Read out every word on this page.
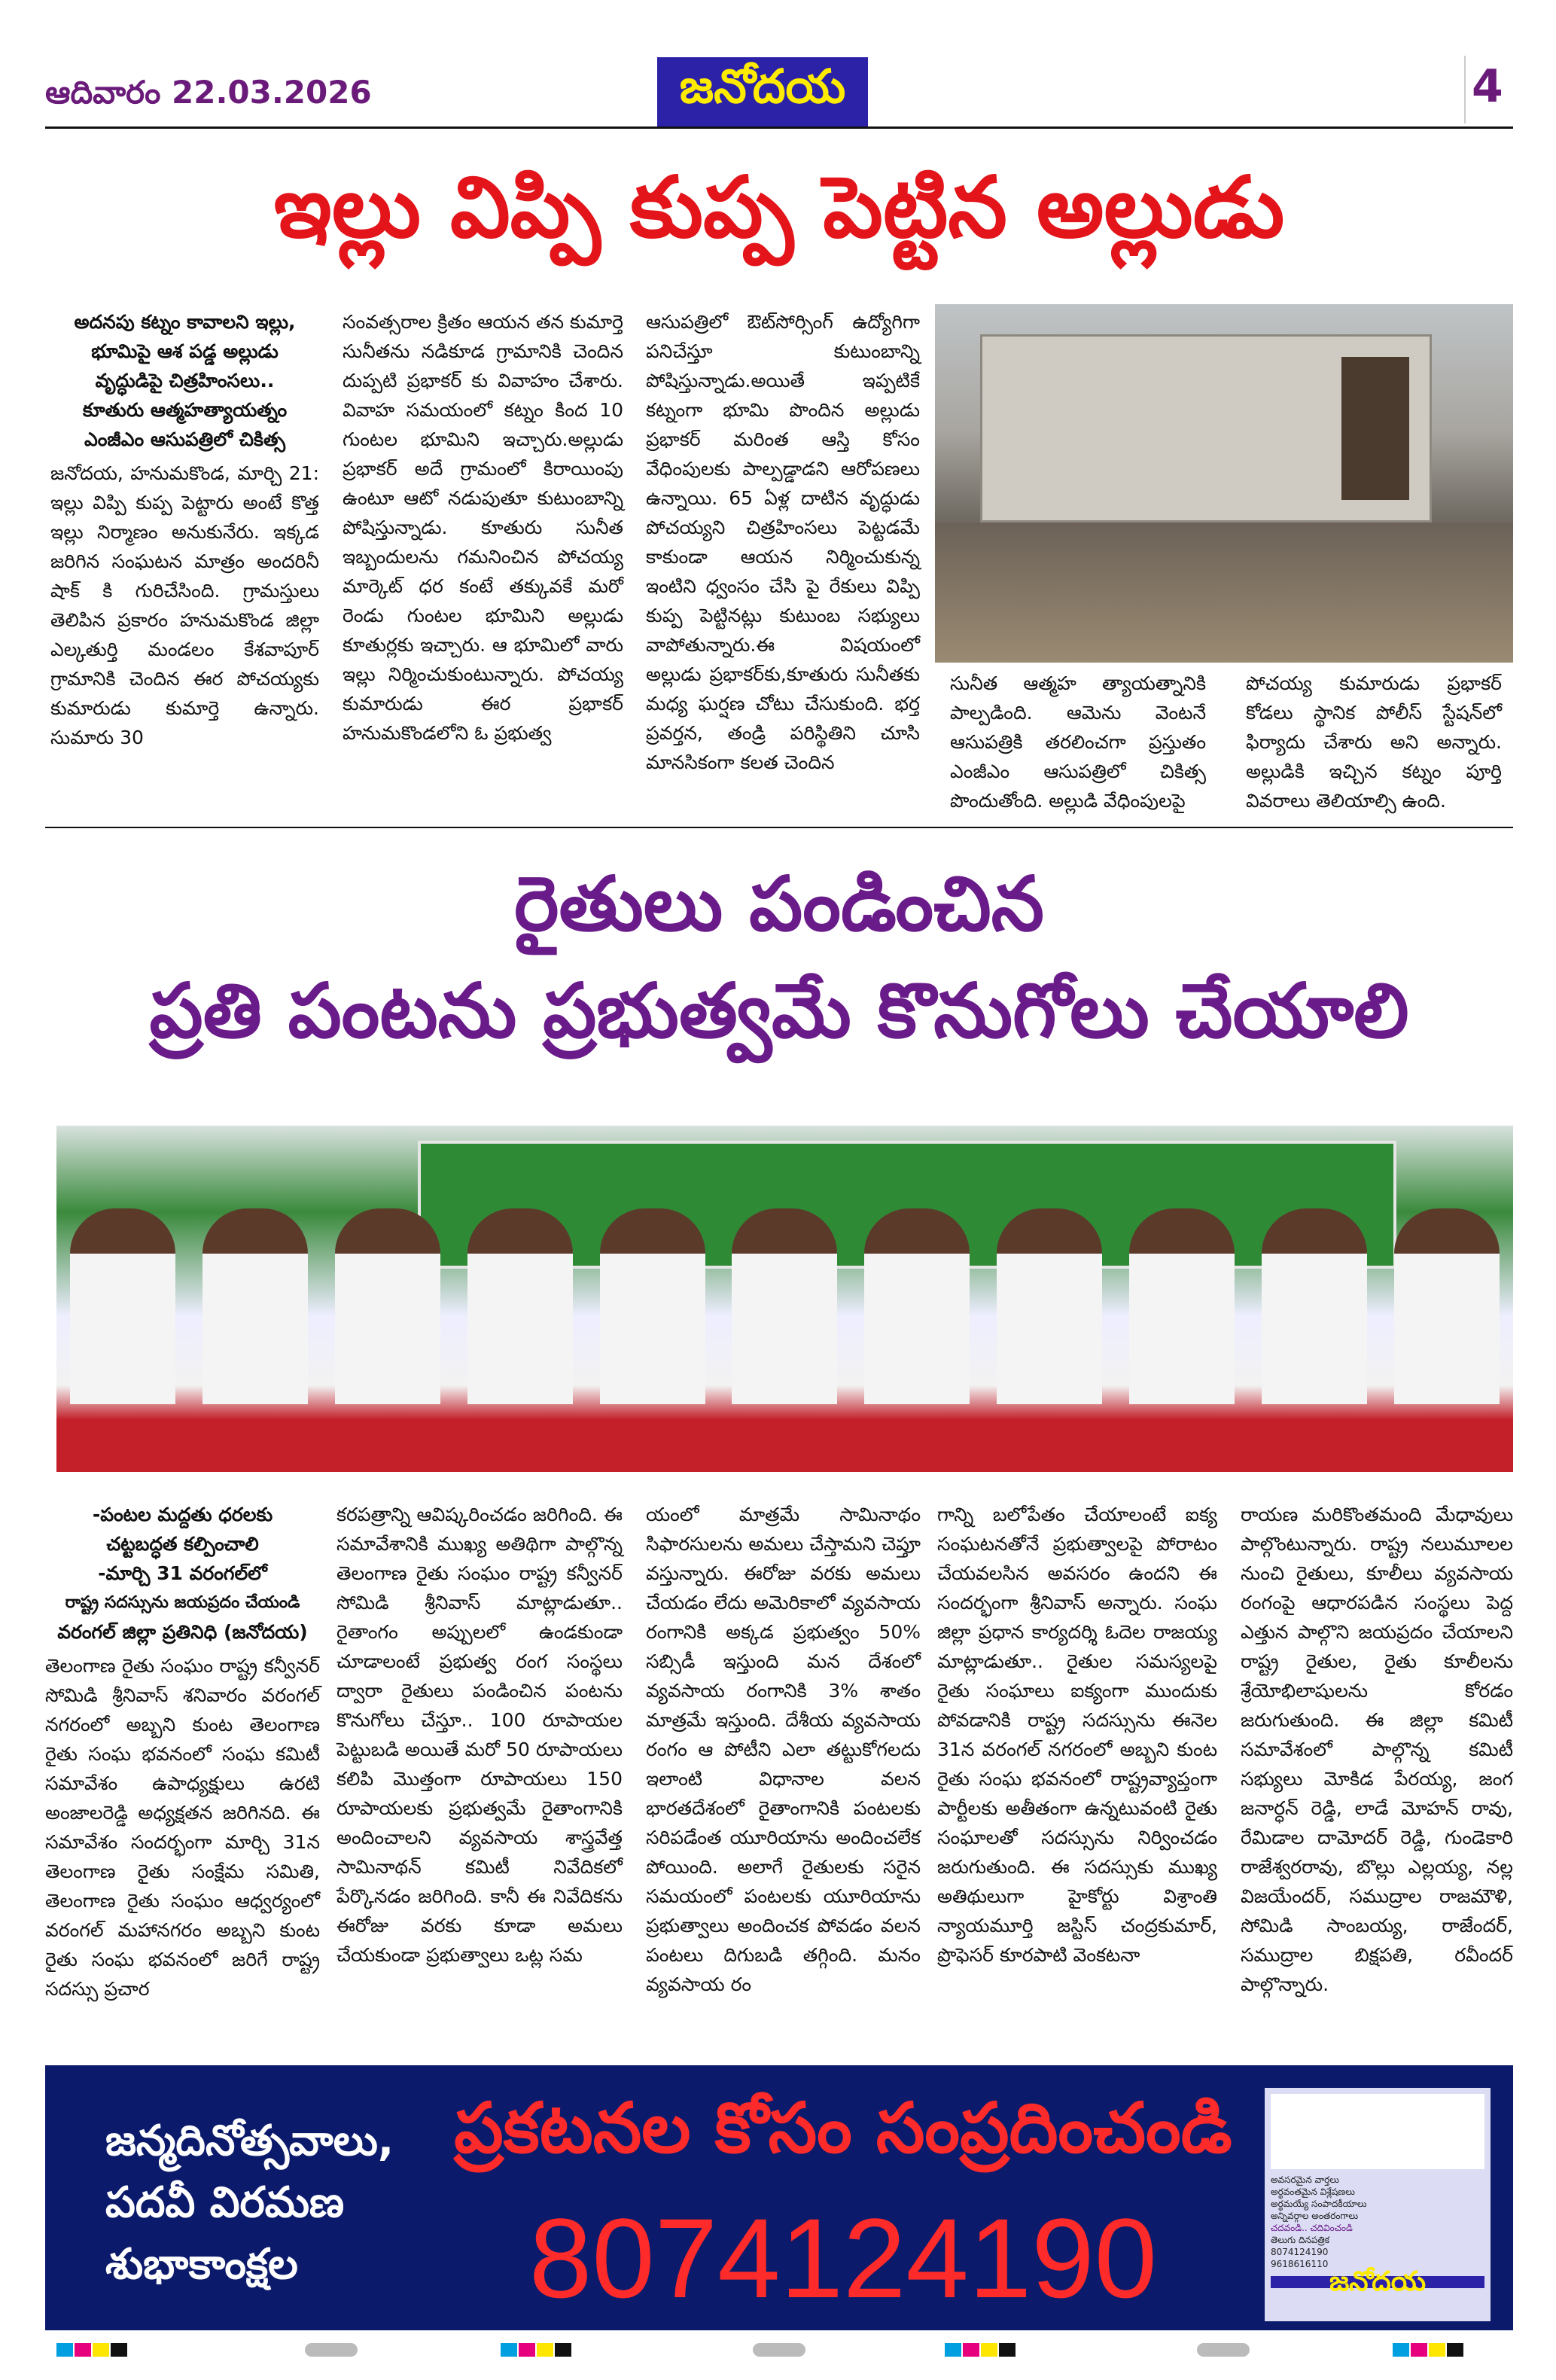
ఆదివారం 22.03.2026	జనోదయ	4
ఇల్లు విప్పి కుప్ప పెట్టిన అల్లుడు

అదనపు కట్నం కావాలని ఇల్లు,

భూమిపై ఆశ పడ్డ అల్లుడు

వృద్ధుడిపై చిత్రహింసలు..

కూతురు ఆత్మహత్యాయత్నం

ఎంజీఎం ఆసుపత్రిలో చికిత్స

జనోదయ, హనుమకొండ, మార్చి 21: ఇల్లు విప్పి కుప్ప పెట్టారు అంటే కొత్త ఇల్లు నిర్మాణం అనుకునేరు. ఇక్కడ జరిగిన సంఘటన మాత్రం అందరినీ షాక్ కి గురిచేసింది. గ్రామస్తులు తెలిపిన ప్రకారం హనుమకొండ జిల్లా ఎల్కతుర్తి మండలం కేశవాపూర్ గ్రామానికి చెందిన ఈర పోచయ్యకు కుమారుడు కుమార్తె ఉన్నారు. సుమారు 30

సంవత్సరాల క్రితం ఆయన తన కుమార్తె సునీతను నడికూడ గ్రామానికి చెందిన దుప్పటి ప్రభాకర్ కు వివాహం చేశారు. వివాహ సమయంలో కట్నం కింద 10 గుంటల భూమిని ఇచ్చారు.అల్లుడు ప్రభాకర్ అదే గ్రామంలో కిరాయింపు ఉంటూ ఆటో నడుపుతూ కుటుంబాన్ని పోషిస్తున్నాడు. కూతురు సునీత ఇబ్బందులను గమనించిన పోచయ్య మార్కెట్ ధర కంటే తక్కువకే మరో రెండు గుంటల భూమిని అల్లుడు కూతుర్లకు ఇచ్చారు. ఆ భూమిలో వారు ఇల్లు నిర్మించుకుంటున్నారు. పోచయ్య కుమారుడు ఈర ప్రభాకర్ హనుమకొండలోని ఓ ప్రభుత్వ
ఆసుపత్రిలో ఔట్‌సోర్సింగ్ ఉద్యోగిగా పనిచేస్తూ కుటుంబాన్ని పోషిస్తున్నాడు.అయితే ఇప్పటికే కట్నంగా భూమి పొందిన అల్లుడు ప్రభాకర్ మరింత ఆస్తి కోసం వేధింపులకు పాల్పడ్డాడని ఆరోపణలు ఉన్నాయి. 65 ఏళ్ల దాటిన వృద్ధుడు పోచయ్యని చిత్రహింసలు పెట్టడమే కాకుండా ఆయన నిర్మించుకున్న ఇంటిని ధ్వంసం చేసి పై రేకులు విప్పి కుప్ప పెట్టినట్లు కుటుంబ సభ్యులు వాపోతున్నారు.ఈ విషయంలో అల్లుడు ప్రభాకర్‌కు,కూతురు సునీతకు మధ్య ఘర్షణ చోటు చేసుకుంది. భర్త ప్రవర్తన, తండ్రి పరిస్థితిని చూసి మానసికంగా కలత చెందిన
సునీత ఆత్మహ త్యాయత్నానికి పాల్పడింది. ఆమెను వెంటనే ఆసుపత్రికి తరలించగా ప్రస్తుతం ఎంజీఎం ఆసుపత్రిలో చికిత్స పొందుతోంది. అల్లుడి వేధింపులపై
పోచయ్య కుమారుడు ప్రభాకర్ కోడలు స్థానిక పోలీస్ స్టేషన్‌లో ఫిర్యాదు చేశారు అని అన్నారు. అల్లుడికి ఇచ్చిన కట్నం పూర్తి వివరాలు తెలియాల్సి ఉంది.
రైతులు పండించిన
ప్రతి పంటను ప్రభుత్వమే కొనుగోలు చేయాలి

-పంటల మద్దతు ధరలకు

చట్టబద్ధత కల్పించాలి

-మార్చి 31 వరంగల్‌లో

రాష్ట్ర సదస్సును జయప్రదం చేయండి

వరంగల్ జిల్లా ప్రతినిధి (జనోదయ)

తెలంగాణ రైతు సంఘం రాష్ట్ర కన్వీనర్ సోమిడి శ్రీనివాస్ శనివారం వరంగల్ నగరంలో అబ్బని కుంట తెలంగాణ రైతు సంఘ భవనంలో సంఘ కమిటీ సమావేశం ఉపాధ్యక్షులు ఉరటి అంజాలరెడ్డి అధ్యక్షతన జరిగినది. ఈ సమావేశం సందర్భంగా మార్చి 31న తెలంగాణ రైతు సంక్షేమ సమితి, తెలంగాణ రైతు సంఘం ఆధ్వర్యంలో వరంగల్ మహానగరం అబ్బని కుంట రైతు సంఘ భవనంలో జరిగే రాష్ట్ర సదస్సు ప్రచార

కరపత్రాన్ని ఆవిష్కరించడం జరిగింది. ఈ సమావేశానికి ముఖ్య అతిథిగా పాల్గొన్న తెలంగాణ రైతు సంఘం రాష్ట్ర కన్వీనర్ సోమిడి శ్రీనివాస్ మాట్లాడుతూ.. రైతాంగం అప్పులలో ఉండకుండా చూడాలంటే ప్రభుత్వ రంగ సంస్థలు ద్వారా రైతులు పండించిన పంటను కొనుగోలు చేస్తూ.. 100 రూపాయల పెట్టుబడి అయితే మరో 50 రూపాయలు కలిపి మొత్తంగా రూపాయలు 150 రూపాయలకు ప్రభుత్వమే రైతాంగానికి అందించాలని వ్యవసాయ శాస్త్రవేత్త సామినాథన్ కమిటీ నివేదికలో పేర్కొనడం జరిగింది. కానీ ఈ నివేదికను ఈరోజు వరకు కూడా అమలు చేయకుండా ప్రభుత్వాలు ఒట్ల సమ
యంలో మాత్రమే సామినాథం సిఫారసులను అమలు చేస్తామని చెప్తూ వస్తున్నారు. ఈరోజు వరకు అమలు చేయడం లేదు అమెరికాలో వ్యవసాయ రంగానికి అక్కడ ప్రభుత్వం 50% సబ్సిడీ ఇస్తుంది మన దేశంలో వ్యవసాయ రంగానికి 3% శాతం మాత్రమే ఇస్తుంది. దేశీయ వ్యవసాయ రంగం ఆ పోటీని ఎలా తట్టుకోగలదు ఇలాంటి విధానాల వలన భారతదేశంలో రైతాంగానికి పంటలకు సరిపడేంత యూరియాను అందించలేక పోయింది. అలాగే రైతులకు సరైన సమయంలో పంటలకు యూరియాను ప్రభుత్వాలు అందించక పోవడం వలన పంటలు దిగుబడి తగ్గింది. మనం వ్యవసాయ రం
గాన్ని బలోపేతం చేయాలంటే ఐక్య సంఘటనతోనే ప్రభుత్వాలపై పోరాటం చేయవలసిన అవసరం ఉందని ఈ సందర్భంగా శ్రీనివాస్ అన్నారు. సంఘ జిల్లా ప్రధాన కార్యదర్శి ఓదెల రాజయ్య మాట్లాడుతూ.. రైతుల సమస్యలపై రైతు సంఘాలు ఐక్యంగా ముందుకు పోవడానికి రాష్ట్ర సదస్సును ఈనెల 31న వరంగల్ నగరంలో అబ్బని కుంట రైతు సంఘ భవనంలో రాష్ట్రవ్యాప్తంగా పార్టీలకు అతీతంగా ఉన్నటువంటి రైతు సంఘాలతో సదస్సును నిర్వించడం జరుగుతుంది. ఈ సదస్సుకు ముఖ్య అతిథులుగా హైకోర్టు విశ్రాంతి న్యాయమూర్తి జస్టిస్ చంద్రకుమార్, ప్రొఫెసర్ కూరపాటి వెంకటనా
రాయణ మరికొంతమంది మేధావులు పాల్గొంటున్నారు. రాష్ట్ర నలుమూలల నుంచి రైతులు, కూలీలు వ్యవసాయ రంగంపై ఆధారపడిన సంస్థలు పెద్ద ఎత్తున పాల్గొని జయప్రదం చేయాలని రాష్ట్ర రైతుల, రైతు కూలీలను శ్రేయోభిలాషులను కోరడం జరుగుతుంది. ఈ జిల్లా కమిటీ సమావేశంలో పాల్గొన్న కమిటీ సభ్యులు మోకిడ పేరయ్య, జంగ జనార్ధన్ రెడ్డి, లాడే మోహన్ రావు, రేమిడాల దామోదర్ రెడ్డి, గుండెకారి రాజేశ్వరరావు, బొల్లు ఎల్లయ్య, నల్ల విజయేందర్, సముద్రాల రాజమౌళి, సోమిడి సాంబయ్య, రాజేందర్, సముద్రాల బిక్షపతి, రవీందర్ పాల్గొన్నారు.
జన్మదినోత్సవాలు,
పదవీ విరమణ
శుభాకాంక్షల
ప్రకటనల కోసం సంప్రదించండి
8074124190
అవసరమైన వార్తలు
అర్థవంతమైన విశ్లేషణలు
అర్థమయ్యే సంపాదకీయాలు
అన్నివర్గాల అంతరంగాలు
చదవండి.. చదివించండి
తెలుగు దినపత్రిక
8074124190
9618616110
జనోదయ
